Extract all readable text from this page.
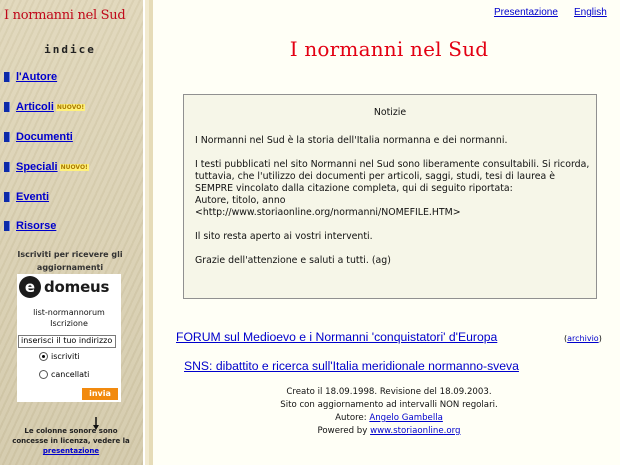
I normanni nel Sud
indice
l'Autore
Articoli NUOVO!
Documenti
Speciali NUOVO!
Eventi
Risorse
Iscriviti per ricevere gli aggiornamenti
e domeus
list-normannorum
Iscrizione
inserisci il tuo indirizzo
iscriviti
cancellati
invia
Le colonne sonore sono concesse in licenza, vedere la
presentazione
Presentazione English
I normanni nel Sud
Notizie

I Normanni nel Sud è la storia dell'Italia normanna e dei normanni.

I testi pubblicati nel sito Normanni nel Sud sono liberamente consultabili. Si ricorda, tuttavia, che l'utilizzo dei documenti per articoli, saggi, studi, tesi di laurea è SEMPRE vincolato dalla citazione completa, qui di seguito riportata:
Autore, titolo, anno
<http://www.storiaonline.org/normanni/NOMEFILE.HTM>

Il sito resta aperto ai vostri interventi.

Grazie dell'attenzione e saluti a tutti. (ag)

FORUM sul Medioevo e i Normanni 'conquistatori' d'Europa	(archivio)
SNS: dibattito e ricerca sull'Italia meridionale normanno-sveva
Creato il 18.09.1998. Revisione del 18.09.2003.
Sito con aggiornamento ad intervalli NON regolari.
Autore: Angelo Gambella
Powered by www.storiaonline.org
